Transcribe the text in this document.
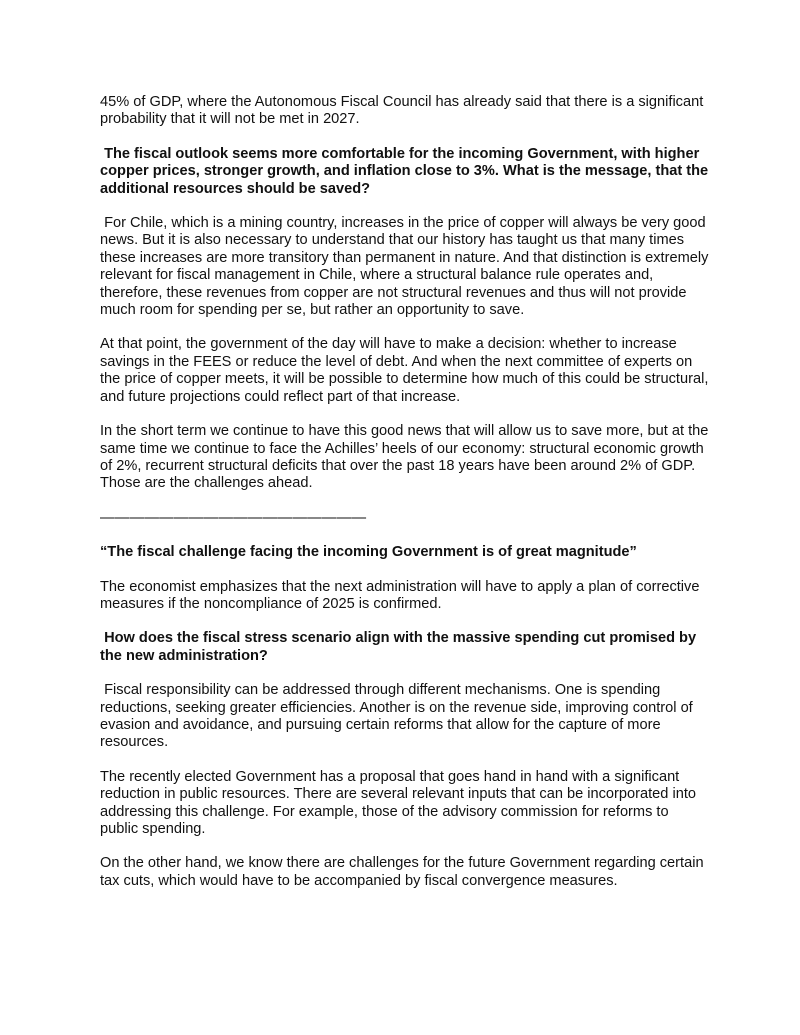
45% of GDP, where the Autonomous Fiscal Council has already said that there is a significant probability that it will not be met in 2027.

The fiscal outlook seems more comfortable for the incoming Government, with higher copper prices, stronger growth, and inflation close to 3%. What is the message, that the additional resources should be saved?

For Chile, which is a mining country, increases in the price of copper will always be very good news. But it is also necessary to understand that our history has taught us that many times these increases are more transitory than permanent in nature. And that distinction is extremely relevant for fiscal management in Chile, where a structural balance rule operates and, therefore, these revenues from copper are not structural revenues and thus will not provide much room for spending per se, but rather an opportunity to save.

At that point, the government of the day will have to make a decision: whether to increase savings in the FEES or reduce the level of debt. And when the next committee of experts on the price of copper meets, it will be possible to determine how much of this could be structural, and future projections could reflect part of that increase.

In the short term we continue to have this good news that will allow us to save more, but at the same time we continue to face the Achilles’ heels of our economy: structural economic growth of 2%, recurrent structural deficits that over the past 18 years have been around 2% of GDP. Those are the challenges ahead.

——————————————————

“The fiscal challenge facing the incoming Government is of great magnitude”

The economist emphasizes that the next administration will have to apply a plan of corrective measures if the noncompliance of 2025 is confirmed.

How does the fiscal stress scenario align with the massive spending cut promised by the new administration?

Fiscal responsibility can be addressed through different mechanisms. One is spending reductions, seeking greater efficiencies. Another is on the revenue side, improving control of evasion and avoidance, and pursuing certain reforms that allow for the capture of more resources.

The recently elected Government has a proposal that goes hand in hand with a significant reduction in public resources. There are several relevant inputs that can be incorporated into addressing this challenge. For example, those of the advisory commission for reforms to public spending.

On the other hand, we know there are challenges for the future Government regarding certain tax cuts, which would have to be accompanied by fiscal convergence measures.
